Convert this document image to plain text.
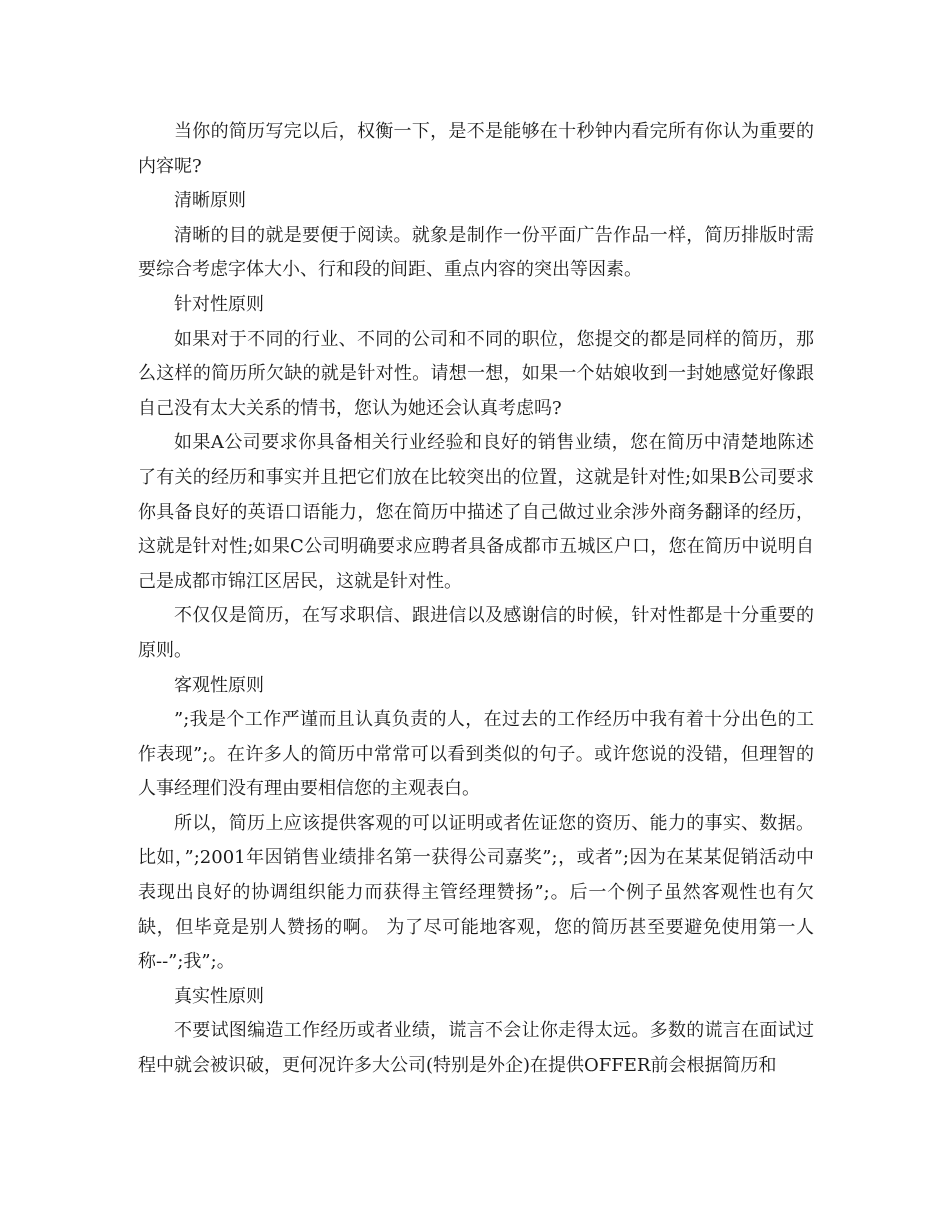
当你的简历写完以后，权衡一下，是不是能够在十秒钟内看完所有你认为重要的内容呢?

清晰原则

清晰的目的就是要便于阅读。就象是制作一份平面广告作品一样，简历排版时需要综合考虑字体大小、行和段的间距、重点内容的突出等因素。

针对性原则

如果对于不同的行业、不同的公司和不同的职位，您提交的都是同样的简历，那么这样的简历所欠缺的就是针对性。请想一想，如果一个姑娘收到一封她感觉好像跟自己没有太大关系的情书，您认为她还会认真考虑吗?

如果A公司要求你具备相关行业经验和良好的销售业绩，您在简历中清楚地陈述了有关的经历和事实并且把它们放在比较突出的位置，这就是针对性;如果B公司要求你具备良好的英语口语能力，您在简历中描述了自己做过业余涉外商务翻译的经历，这就是针对性;如果C公司明确要求应聘者具备成都市五城区户口，您在简历中说明自己是成都市锦江区居民，这就是针对性。

不仅仅是简历，在写求职信、跟进信以及感谢信的时候，针对性都是十分重要的原则。

客观性原则

”;我是个工作严谨而且认真负责的人，在过去的工作经历中我有着十分出色的工作表现”;。在许多人的简历中常常可以看到类似的句子。或许您说的没错，但理智的人事经理们没有理由要相信您的主观表白。

所以，简历上应该提供客观的可以证明或者佐证您的资历、能力的事实、数据。比如，”;2001年因销售业绩排名第一获得公司嘉奖”;，或者”;因为在某某促销活动中表现出良好的协调组织能力而获得主管经理赞扬”;。后一个例子虽然客观性也有欠缺，但毕竟是别人赞扬的啊。 为了尽可能地客观，您的简历甚至要避免使用第一人称--”;我”;。

真实性原则

不要试图编造工作经历或者业绩，谎言不会让你走得太远。多数的谎言在面试过程中就会被识破，更何况许多大公司(特别是外企)在提供OFFER前会根据简历和
